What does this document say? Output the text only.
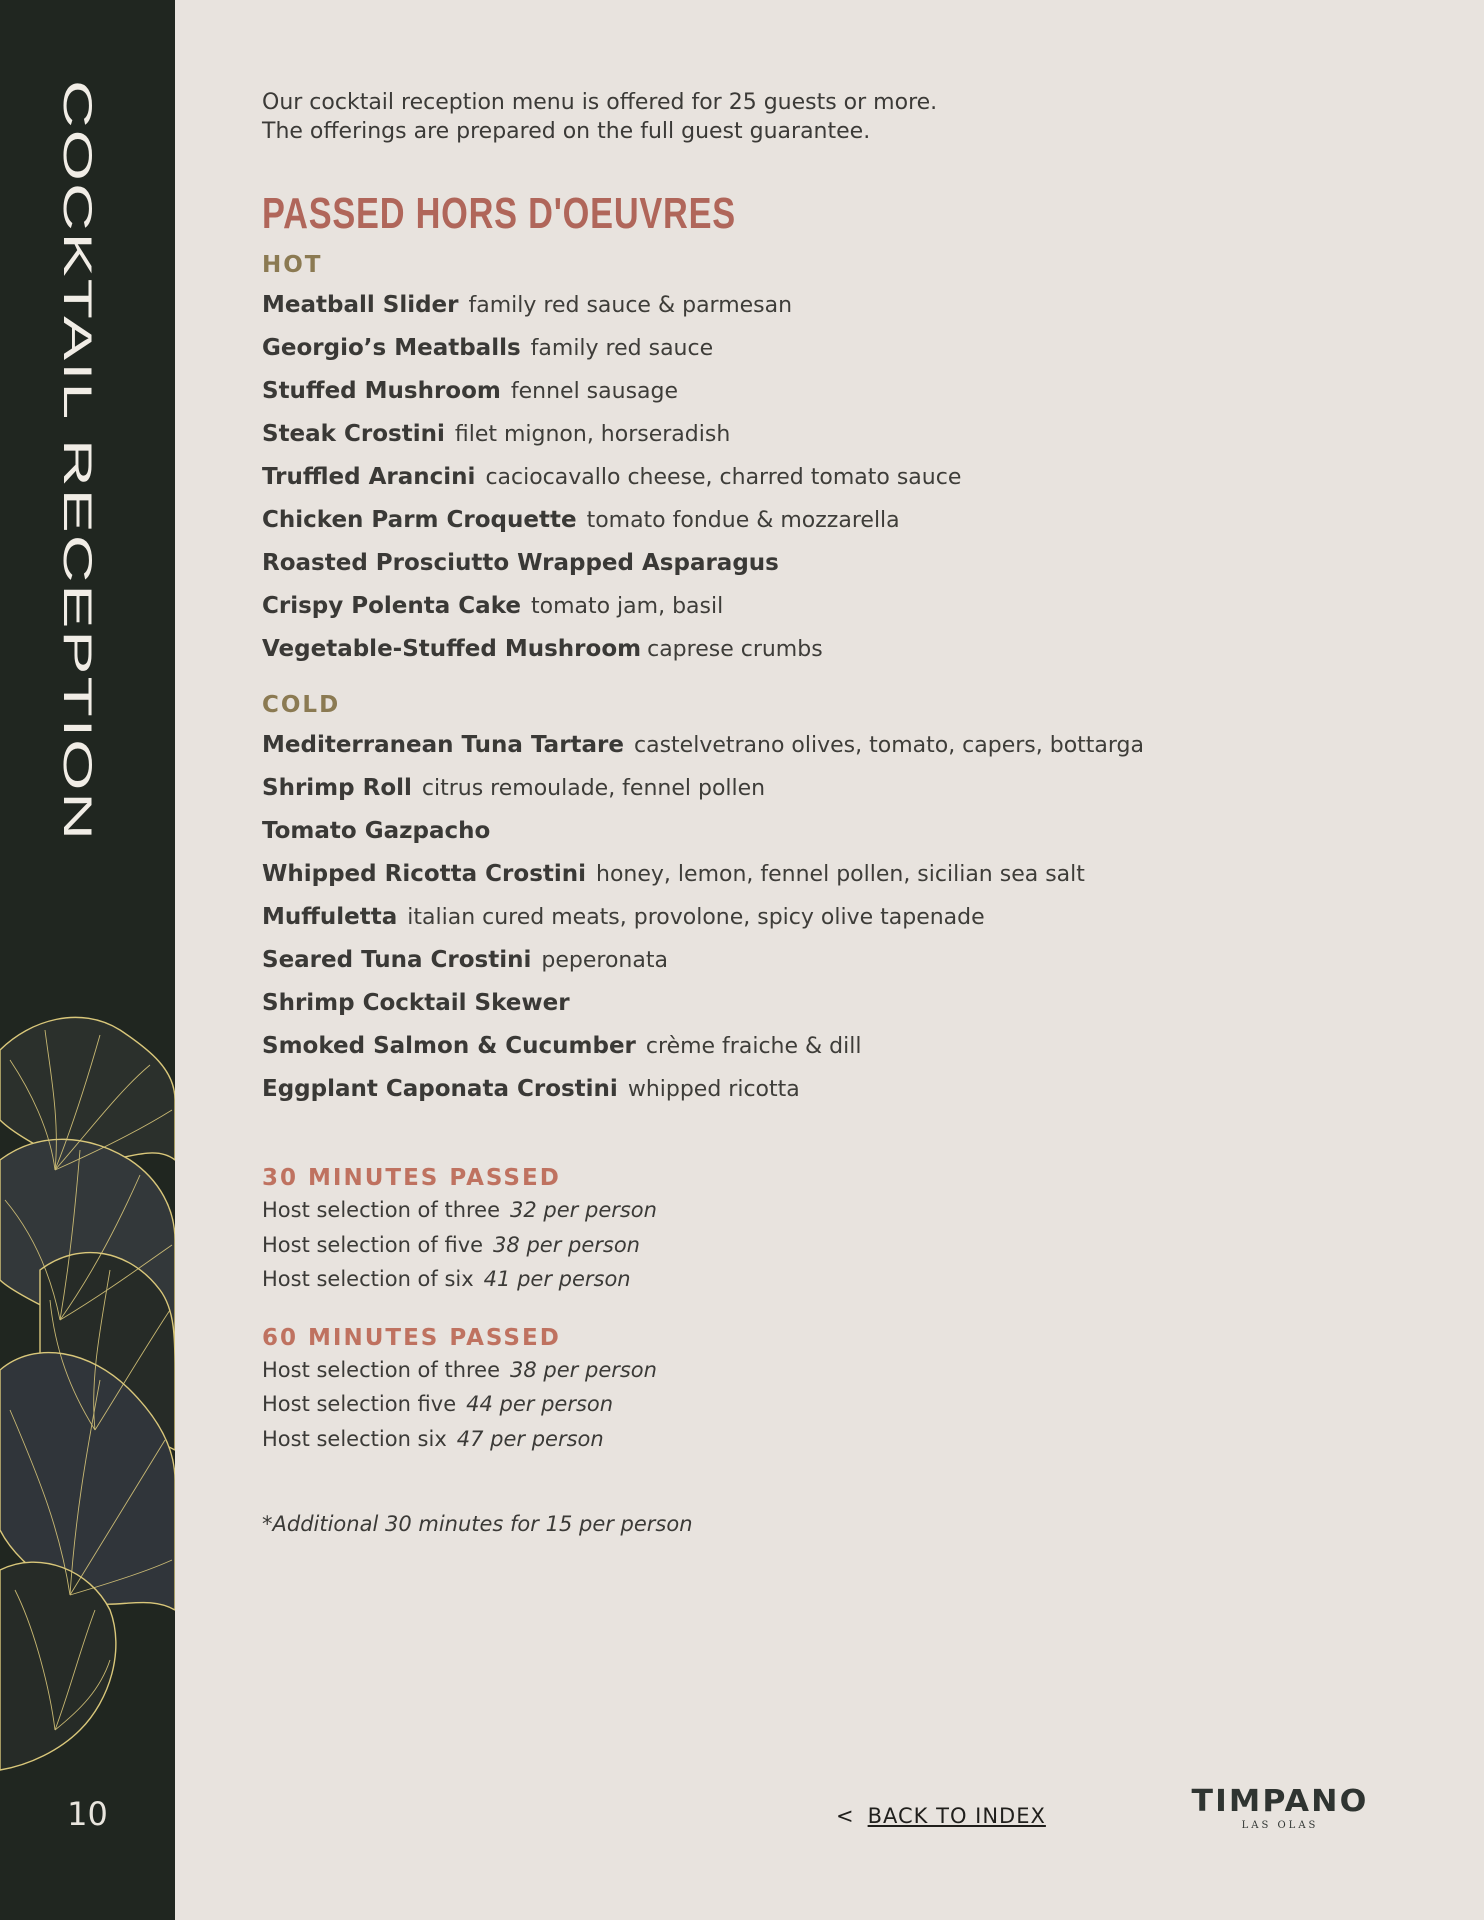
COCKTAIL RECEPTION
10

Our cocktail reception menu is offered for 25 guests or more.
The offerings are prepared on the full guest guarantee.

PASSED HORS D'OEUVRES
HOT
Meatball Slider family red sauce & parmesan
Georgio’s Meatballs family red sauce
Stuffed Mushroom fennel sausage
Steak Crostini filet mignon, horseradish
Truffled Arancini caciocavallo cheese, charred tomato sauce
Chicken Parm Croquette tomato fondue & mozzarella
Roasted Prosciutto Wrapped Asparagus
Crispy Polenta Cake tomato jam, basil
Vegetable-Stuffed Mushroom caprese crumbs
COLD
Mediterranean Tuna Tartare castelvetrano olives, tomato, capers, bottarga
Shrimp Roll citrus remoulade, fennel pollen
Tomato Gazpacho
Whipped Ricotta Crostini honey, lemon, fennel pollen, sicilian sea salt
Muffuletta italian cured meats, provolone, spicy olive tapenade
Seared Tuna Crostini peperonata
Shrimp Cocktail Skewer
Smoked Salmon & Cucumber crème fraiche & dill
Eggplant Caponata Crostini whipped ricotta
30 MINUTES PASSED
Host selection of three 32 per person
Host selection of five 38 per person
Host selection of six 41 per person
60 MINUTES PASSED
Host selection of three 38 per person
Host selection five 44 per person
Host selection six 47 per person
*Additional 30 minutes for 15 per person
< BACK TO INDEX	TIMPANO
LAS OLAS
